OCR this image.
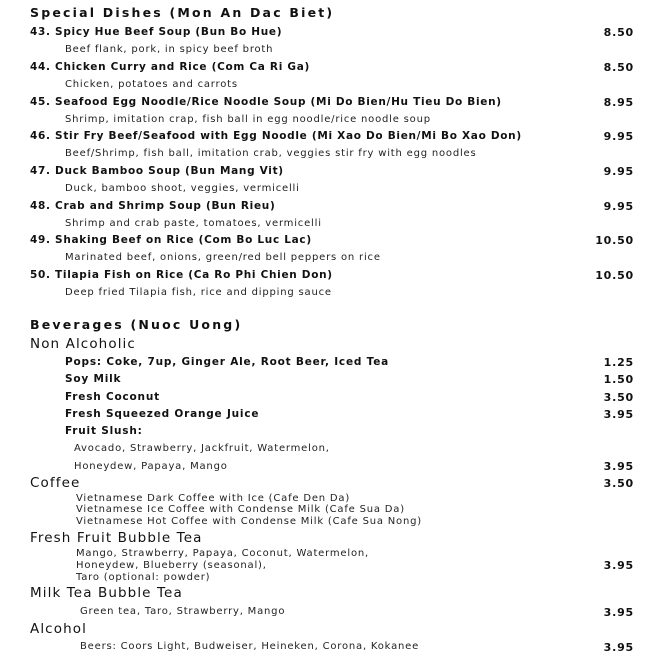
Special Dishes (Mon An Dac Biet)
43. Spicy Hue Beef Soup (Bun Bo Hue)	8.50
Beef flank, pork, in spicy beef broth
44. Chicken Curry and Rice (Com Ca Ri Ga)	8.50
Chicken, potatoes and carrots
45. Seafood Egg Noodle/Rice Noodle Soup (Mi Do Bien/Hu Tieu Do Bien)	8.95
Shrimp, imitation crap, fish ball in egg noodle/rice noodle soup
46. Stir Fry Beef/Seafood with Egg Noodle (Mi Xao Do Bien/Mi Bo Xao Don)	9.95
Beef/Shrimp, fish ball, imitation crab, veggies stir fry with egg noodles
47. Duck Bamboo Soup (Bun Mang Vit)	9.95
Duck, bamboo shoot, veggies, vermicelli
48. Crab and Shrimp Soup (Bun Rieu)	9.95
Shrimp and crab paste, tomatoes, vermicelli
49. Shaking Beef on Rice (Com Bo Luc Lac)	10.50
Marinated beef, onions, green/red bell peppers on rice
50. Tilapia Fish on Rice (Ca Ro Phi Chien Don)	10.50
Deep fried Tilapia fish, rice and dipping sauce
Beverages (Nuoc Uong)
Non Alcoholic
Pops: Coke, 7up, Ginger Ale, Root Beer, Iced Tea	1.25
Soy Milk	1.50
Fresh Coconut	3.50
Fresh Squeezed Orange Juice	3.95
Fruit Slush:
Avocado, Strawberry, Jackfruit, Watermelon,
Honeydew, Papaya, Mango	3.95
Coffee	3.50
Vietnamese Dark Coffee with Ice (Cafe Den Da)
Vietnamese Ice Coffee with Condense Milk (Cafe Sua Da)
Vietnamese Hot Coffee with Condense Milk (Cafe Sua Nong)
Fresh Fruit Bubble Tea
Mango, Strawberry, Papaya, Coconut, Watermelon,
Honeydew, Blueberry (seasonal),	3.95
Taro (optional: powder)
Milk Tea Bubble Tea
Green tea, Taro, Strawberry, Mango	3.95
Alcohol
Beers: Coors Light, Budweiser, Heineken, Corona, Kokanee	3.95
